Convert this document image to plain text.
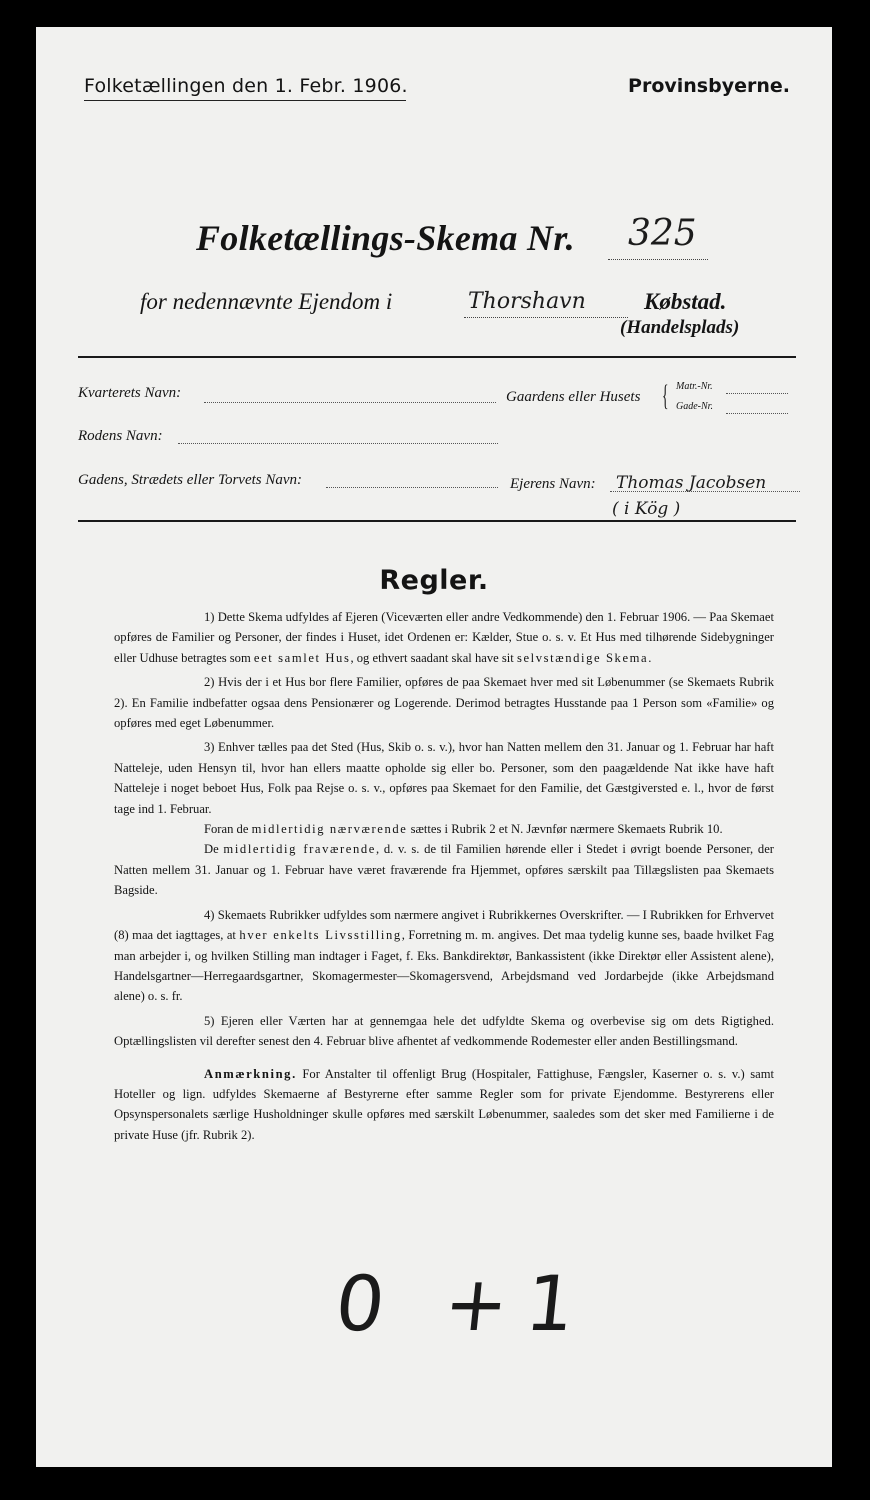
Folketællingen den 1. Febr. 1906.	Provinsbyerne.
Folketællings-Skema Nr. 325
for nedennævnte Ejendom i	Thorshavn	Købstad.
(Handelsplads)
Kvarterets Navn:	Gaardens eller Husets { Matr.-Nr.
Gade-Nr.
Rodens Navn:
Gadens, Strædets eller Torvets Navn:	Ejerens Navn: Thomas Jacobsen
( i Kög )
Regler.

1) Dette Skema udfyldes af Ejeren (Viceværten eller andre Vedkommende) den 1. Februar 1906. — Paa Skemaet opføres de Familier og Personer, der findes i Huset, idet Ordenen er: Kælder, Stue o. s. v. Et Hus med tilhørende Sidebygninger eller Udhuse betragtes som eet samlet Hus, og ethvert saadant skal have sit selvstændige Skema.

2) Hvis der i et Hus bor flere Familier, opføres de paa Skemaet hver med sit Løbenummer (se Skemaets Rubrik 2). En Familie indbefatter ogsaa dens Pensionærer og Logerende. Derimod betragtes Husstande paa 1 Person som «Familie» og opføres med eget Løbenummer.

3) Enhver tælles paa det Sted (Hus, Skib o. s. v.), hvor han Natten mellem den 31. Januar og 1. Februar har haft Natteleje, uden Hensyn til, hvor han ellers maatte opholde sig eller bo. Personer, som den paagældende Nat ikke have haft Natteleje i noget beboet Hus, Folk paa Rejse o. s. v., opføres paa Skemaet for den Familie, det Gæstgiversted e. l., hvor de først tage ind 1. Februar.

Foran de midlertidig nærværende sættes i Rubrik 2 et N. Jævnfør nærmere Skemaets Rubrik 10.

De midlertidig fraværende, d. v. s. de til Familien hørende eller i Stedet i øvrigt boende Personer, der Natten mellem 31. Januar og 1. Februar have været fraværende fra Hjemmet, opføres særskilt paa Tillægslisten paa Skemaets Bagside.

4) Skemaets Rubrikker udfyldes som nærmere angivet i Rubrikkernes Overskrifter. — I Rubrikken for Erhvervet (8) maa det iagttages, at hver enkelts Livsstilling, Forretning m. m. angives. Det maa tydelig kunne ses, baade hvilket Fag man arbejder i, og hvilken Stilling man indtager i Faget, f. Eks. Bankdirektør, Bankassistent (ikke Direktør eller Assistent alene), Handelsgartner—Herregaardsgartner, Skomagermester—Skomagersvend, Arbejdsmand ved Jordarbejde (ikke Arbejdsmand alene) o. s. fr.

5) Ejeren eller Værten har at gennemgaa hele det udfyldte Skema og overbevise sig om dets Rigtighed. Optællingslisten vil derefter senest den 4. Februar blive afhentet af vedkommende Rodemester eller anden Bestillingsmand.

Anmærkning. For Anstalter til offenligt Brug (Hospitaler, Fattighuse, Fængsler, Kaserner o. s. v.) samt Hoteller og lign. udfyldes Skemaerne af Bestyrerne efter samme Regler som for private Ejendomme. Bestyrerens eller Opsynspersonalets særlige Husholdninger skulle opføres med særskilt Løbenummer, saaledes som det sker med Familierne i de private Huse (jfr. Rubrik 2).

0 +1
